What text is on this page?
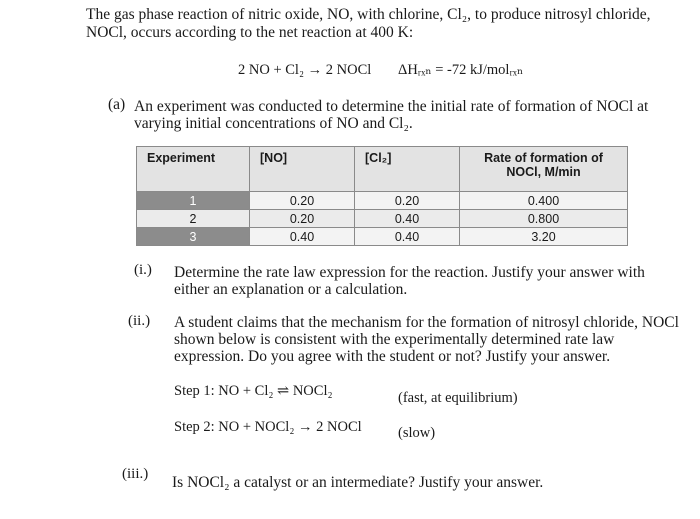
The gas phase reaction of nitric oxide, NO, with chlorine, Cl₂, to produce nitrosyl chloride,
NOCl, occurs according to the net reaction at 400 K:
2 NO + Cl₂ → 2 NOCl ΔHᵣₓₙ = -72 kJ/molᵣₓₙ
(a) An experiment was conducted to determine the initial rate of formation of NOCl at
varying initial concentrations of NO and Cl₂.
Experiment	[NO]	[Cl₂]	Rate of formation of NOCl, M/min
1	0.20	0.20	0.400
2	0.20	0.40	0.800
3	0.40	0.40	3.20
(i.) Determine the rate law expression for the reaction. Justify your answer with
either an explanation or a calculation.
(ii.) A student claims that the mechanism for the formation of nitrosyl chloride, NOCl
shown below is consistent with the experimentally determined rate law
expression. Do you agree with the student or not? Justify your answer.
Step 1: NO + Cl₂ ⇌ NOCl₂	(fast, at equilibrium)
Step 2: NO + NOCl₂ → 2 NOCl	(slow)
(iii.) Is NOCl₂ a catalyst or an intermediate? Justify your answer.
